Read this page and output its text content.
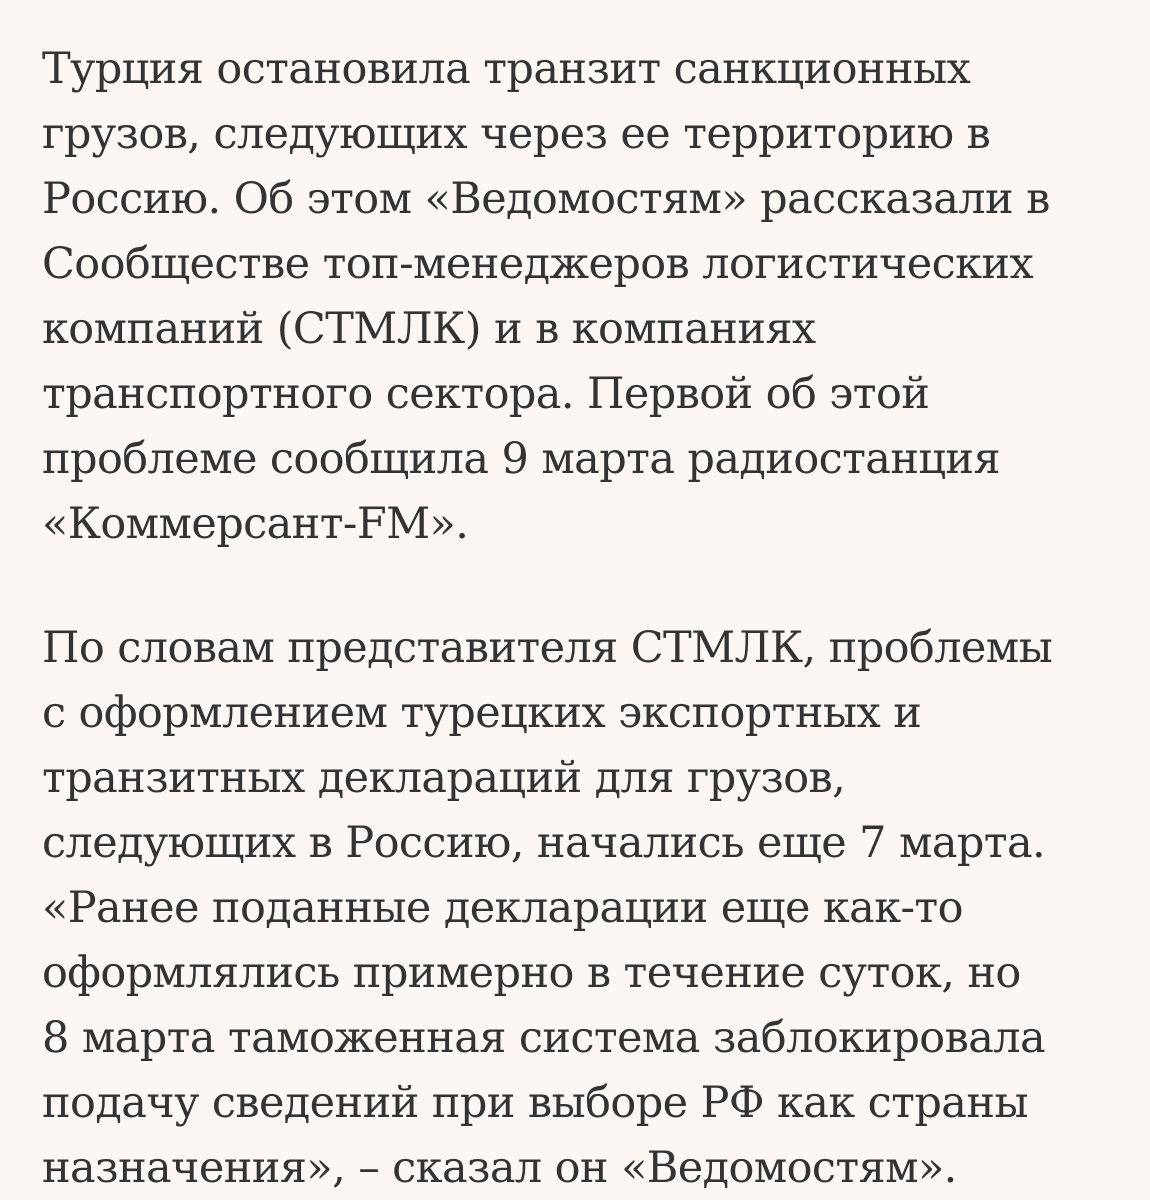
Турция остановила транзит санкционных
грузов, следующих через ее территорию в
Россию. Об этом «Ведомостям» рассказали в
Сообществе топ-менеджеров логистических
компаний (СТМЛК) и в компаниях
транспортного сектора. Первой об этой
проблеме сообщила 9 марта радиостанция
«Коммерсант-FM».
По словам представителя СТМЛК, проблемы
с оформлением турецких экспортных и
транзитных деклараций для грузов,
следующих в Россию, начались еще 7 марта.
«Ранее поданные декларации еще как-то
оформлялись примерно в течение суток, но
8 марта таможенная система заблокировала
подачу сведений при выборе РФ как страны
назначения», – сказал он «Ведомостям».
